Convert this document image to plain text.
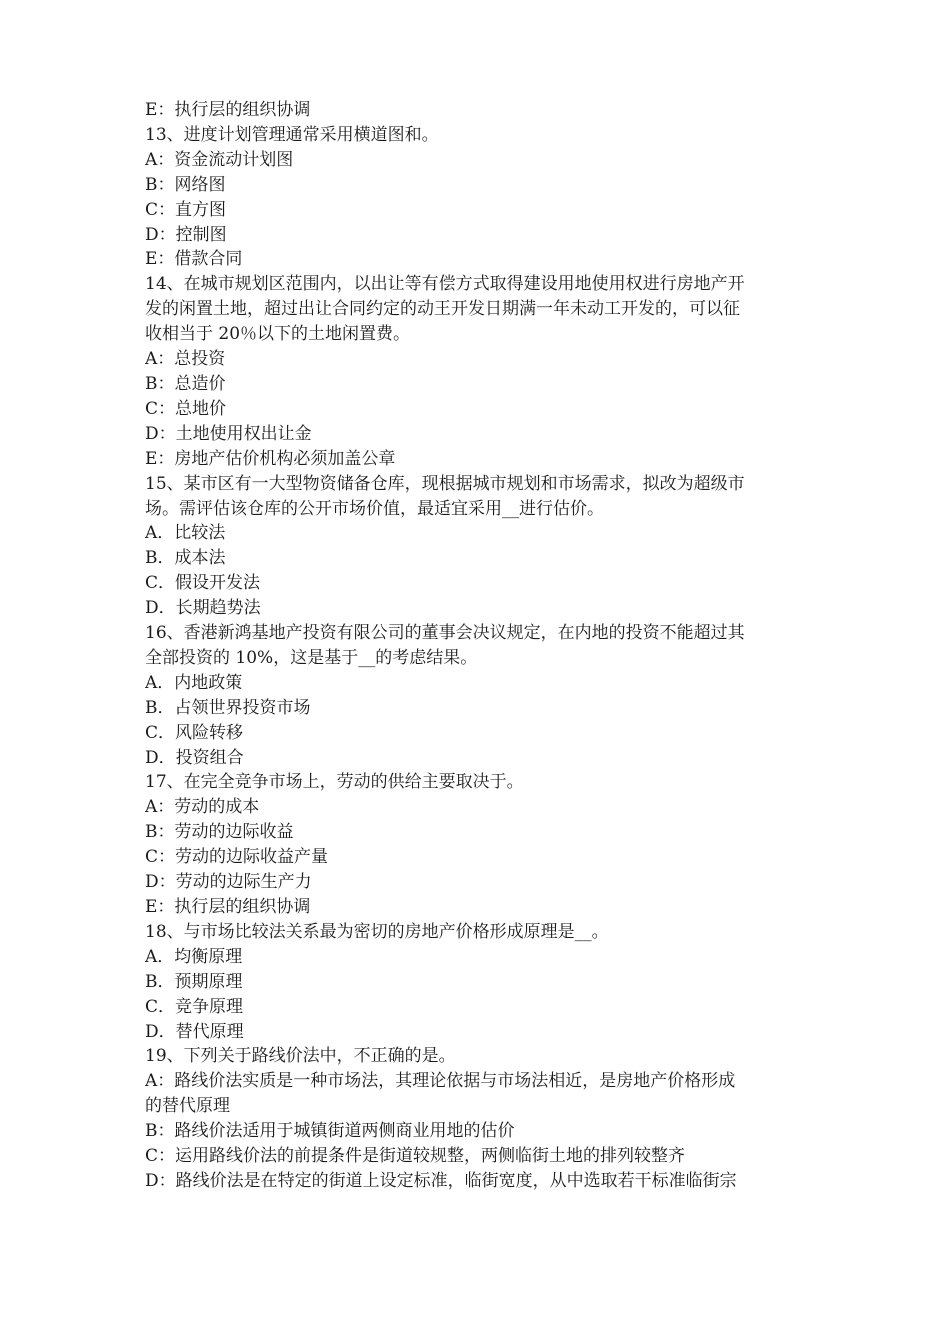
E：执行层的组织协调
13、进度计划管理通常采用横道图和。
A：资金流动计划图
B：网络图
C：直方图
D：控制图
E：借款合同
14、在城市规划区范围内，以出让等有偿方式取得建设用地使用权进行房地产开
发的闲置土地，超过出让合同约定的动王开发日期满一年未动工开发的，可以征
收相当于 20％以下的土地闲置费。
A：总投资
B：总造价
C：总地价
D：土地使用权出让金
E：房地产估价机构必须加盖公章
15、某市区有一大型物资储备仓库，现根据城市规划和市场需求，拟改为超级市
场。需评估该仓库的公开市场价值，最适宜采用__进行估价。
A．比较法
B．成本法
C．假设开发法
D．长期趋势法
16、香港新鸿基地产投资有限公司的董事会决议规定，在内地的投资不能超过其
全部投资的 10%，这是基于__的考虑结果。
A．内地政策
B．占领世界投资市场
C．风险转移
D．投资组合
17、在完全竞争市场上，劳动的供给主要取决于。
A：劳动的成本
B：劳动的边际收益
C：劳动的边际收益产量
D：劳动的边际生产力
E：执行层的组织协调
18、与市场比较法关系最为密切的房地产价格形成原理是__。
A．均衡原理
B．预期原理
C．竞争原理
D．替代原理
19、下列关于路线价法中，不正确的是。
A：路线价法实质是一种市场法，其理论依据与市场法相近，是房地产价格形成
的替代原理
B：路线价法适用于城镇街道两侧商业用地的估价
C：运用路线价法的前提条件是街道较规整，两侧临街土地的排列较整齐
D：路线价法是在特定的街道上设定标准，临街宽度，从中选取若干标准临街宗
